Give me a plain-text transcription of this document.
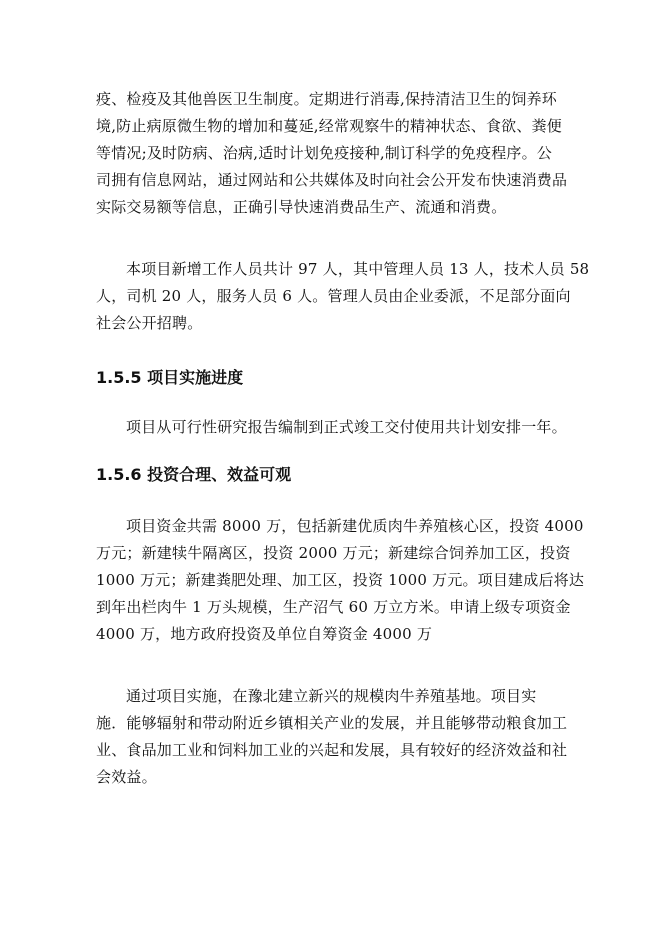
疫、检疫及其他兽医卫生制度。定期进行消毒,保持清洁卫生的饲养环
境,防止病原微生物的增加和蔓延,经常观察牛的精神状态、食欲、粪便
等情况;及时防病、治病,适时计划免疫接种,制订科学的免疫程序。公
司拥有信息网站，通过网站和公共媒体及时向社会公开发布快速消费品
实际交易额等信息，正确引导快速消费品生产、流通和消费。
本项目新增工作人员共计 97 人，其中管理人员 13 人，技术人员 58
人，司机 20 人，服务人员 6 人。管理人员由企业委派，不足部分面向
社会公开招聘。
1.5.5 项目实施进度
项目从可行性研究报告编制到正式竣工交付使用共计划安排一年。
1.5.6 投资合理、效益可观
项目资金共需 8000 万，包括新建优质肉牛养殖核心区，投资 4000
万元；新建犊牛隔离区，投资 2000 万元；新建综合饲养加工区，投资
1000 万元；新建粪肥处理、加工区，投资 1000 万元。项目建成后将达
到年出栏肉牛 1 万头规模，生产沼气 60 万立方米。申请上级专项资金
4000 万，地方政府投资及单位自筹资金 4000 万
通过项目实施，在豫北建立新兴的规模肉牛养殖基地。项目实
施．能够辐射和带动附近乡镇相关产业的发展，并且能够带动粮食加工
业、食品加工业和饲料加工业的兴起和发展，具有较好的经济效益和社
会效益。
